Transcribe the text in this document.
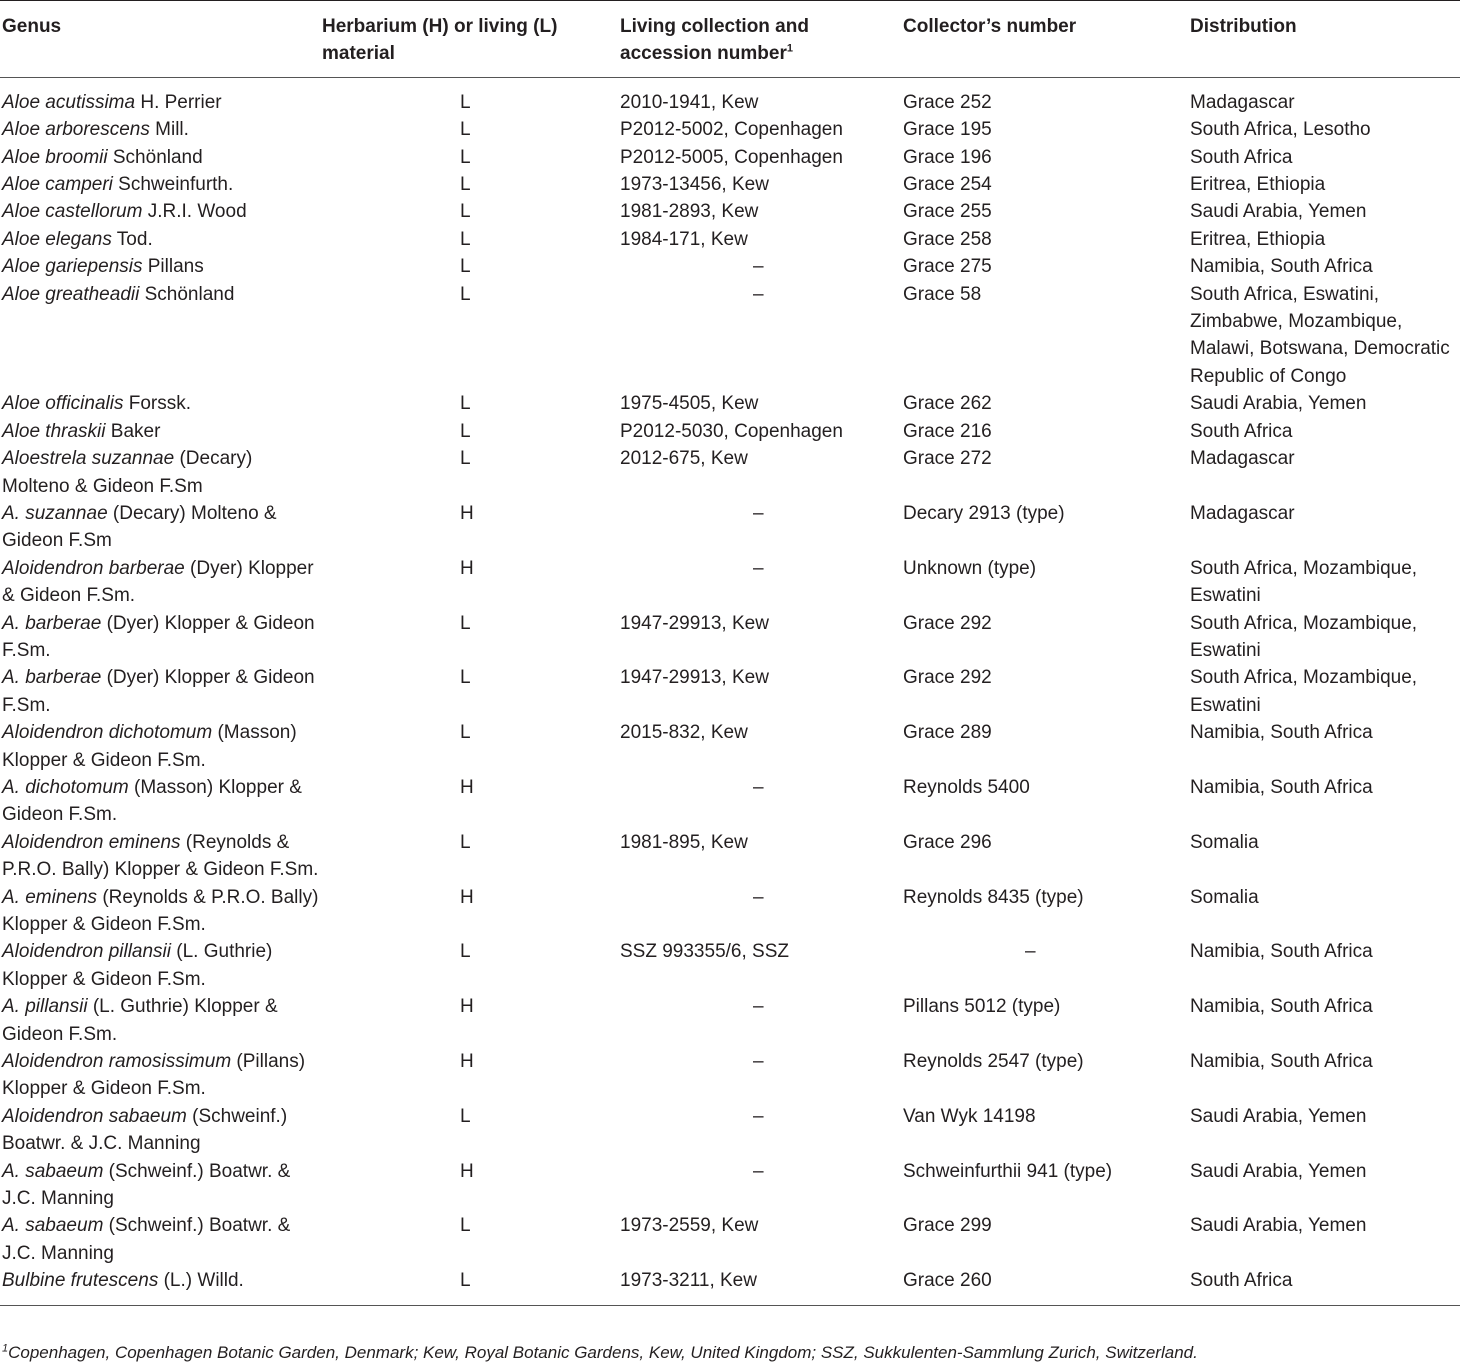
Genus	Herbarium (H) or living (L) material	Living collection and accession number$^1$	Collector’s number	Distribution
Aloe acutissima H. Perrier	L	2010-1941, Kew	Grace 252	Madagascar
Aloe arborescens Mill.	L	P2012-5002, Copenhagen	Grace 195	South Africa, Lesotho
Aloe broomii Schönland	L	P2012-5005, Copenhagen	Grace 196	South Africa
Aloe camperi Schweinfurth.	L	1973-13456, Kew	Grace 254	Eritrea, Ethiopia
Aloe castellorum J.R.I. Wood	L	1981-2893, Kew	Grace 255	Saudi Arabia, Yemen
Aloe elegans Tod.	L	1984-171, Kew	Grace 258	Eritrea, Ethiopia
Aloe gariepensis Pillans	L	–	Grace 275	Namibia, South Africa
Aloe greatheadii Schönland	L	–	Grace 58	South Africa, Eswatini, Zimbabwe, Mozambique, Malawi, Botswana, Democratic Republic of Congo
Aloe officinalis Forssk.	L	1975-4505, Kew	Grace 262	Saudi Arabia, Yemen
Aloe thraskii Baker	L	P2012-5030, Copenhagen	Grace 216	South Africa
Aloestrela suzannae (Decary) Molteno & Gideon F.Sm	L	2012-675, Kew	Grace 272	Madagascar
A. suzannae (Decary) Molteno & Gideon F.Sm	H	–	Decary 2913 (type)	Madagascar
Aloidendron barberae (Dyer) Klopper & Gideon F.Sm.	H	–	Unknown (type)	South Africa, Mozambique, Eswatini
A. barberae (Dyer) Klopper & Gideon F.Sm.	L	1947-29913, Kew	Grace 292	South Africa, Mozambique, Eswatini
A. barberae (Dyer) Klopper & Gideon F.Sm.	L	1947-29913, Kew	Grace 292	South Africa, Mozambique, Eswatini
Aloidendron dichotomum (Masson) Klopper & Gideon F.Sm.	L	2015-832, Kew	Grace 289	Namibia, South Africa
A. dichotomum (Masson) Klopper & Gideon F.Sm.	H	–	Reynolds 5400	Namibia, South Africa
Aloidendron eminens (Reynolds & P.R.O. Bally) Klopper & Gideon F.Sm.	L	1981-895, Kew	Grace 296	Somalia
A. eminens (Reynolds & P.R.O. Bally) Klopper & Gideon F.Sm.	H	–	Reynolds 8435 (type)	Somalia
Aloidendron pillansii (L. Guthrie) Klopper & Gideon F.Sm.	L	SSZ 993355/6, SSZ	–	Namibia, South Africa
A. pillansii (L. Guthrie) Klopper & Gideon F.Sm.	H	–	Pillans 5012 (type)	Namibia, South Africa
Aloidendron ramosissimum (Pillans) Klopper & Gideon F.Sm.	H	–	Reynolds 2547 (type)	Namibia, South Africa
Aloidendron sabaeum (Schweinf.) Boatwr. & J.C. Manning	L	–	Van Wyk 14198	Saudi Arabia, Yemen
A. sabaeum (Schweinf.) Boatwr. & J.C. Manning	H	–	Schweinfurthii 941 (type)	Saudi Arabia, Yemen
A. sabaeum (Schweinf.) Boatwr. & J.C. Manning	L	1973-2559, Kew	Grace 299	Saudi Arabia, Yemen
Bulbine frutescens (L.) Willd.	L	1973-3211, Kew	Grace 260	South Africa
$^1$Copenhagen, Copenhagen Botanic Garden, Denmark; Kew, Royal Botanic Gardens, Kew, United Kingdom; SSZ, Sukkulenten-Sammlung Zurich, Switzerland.
